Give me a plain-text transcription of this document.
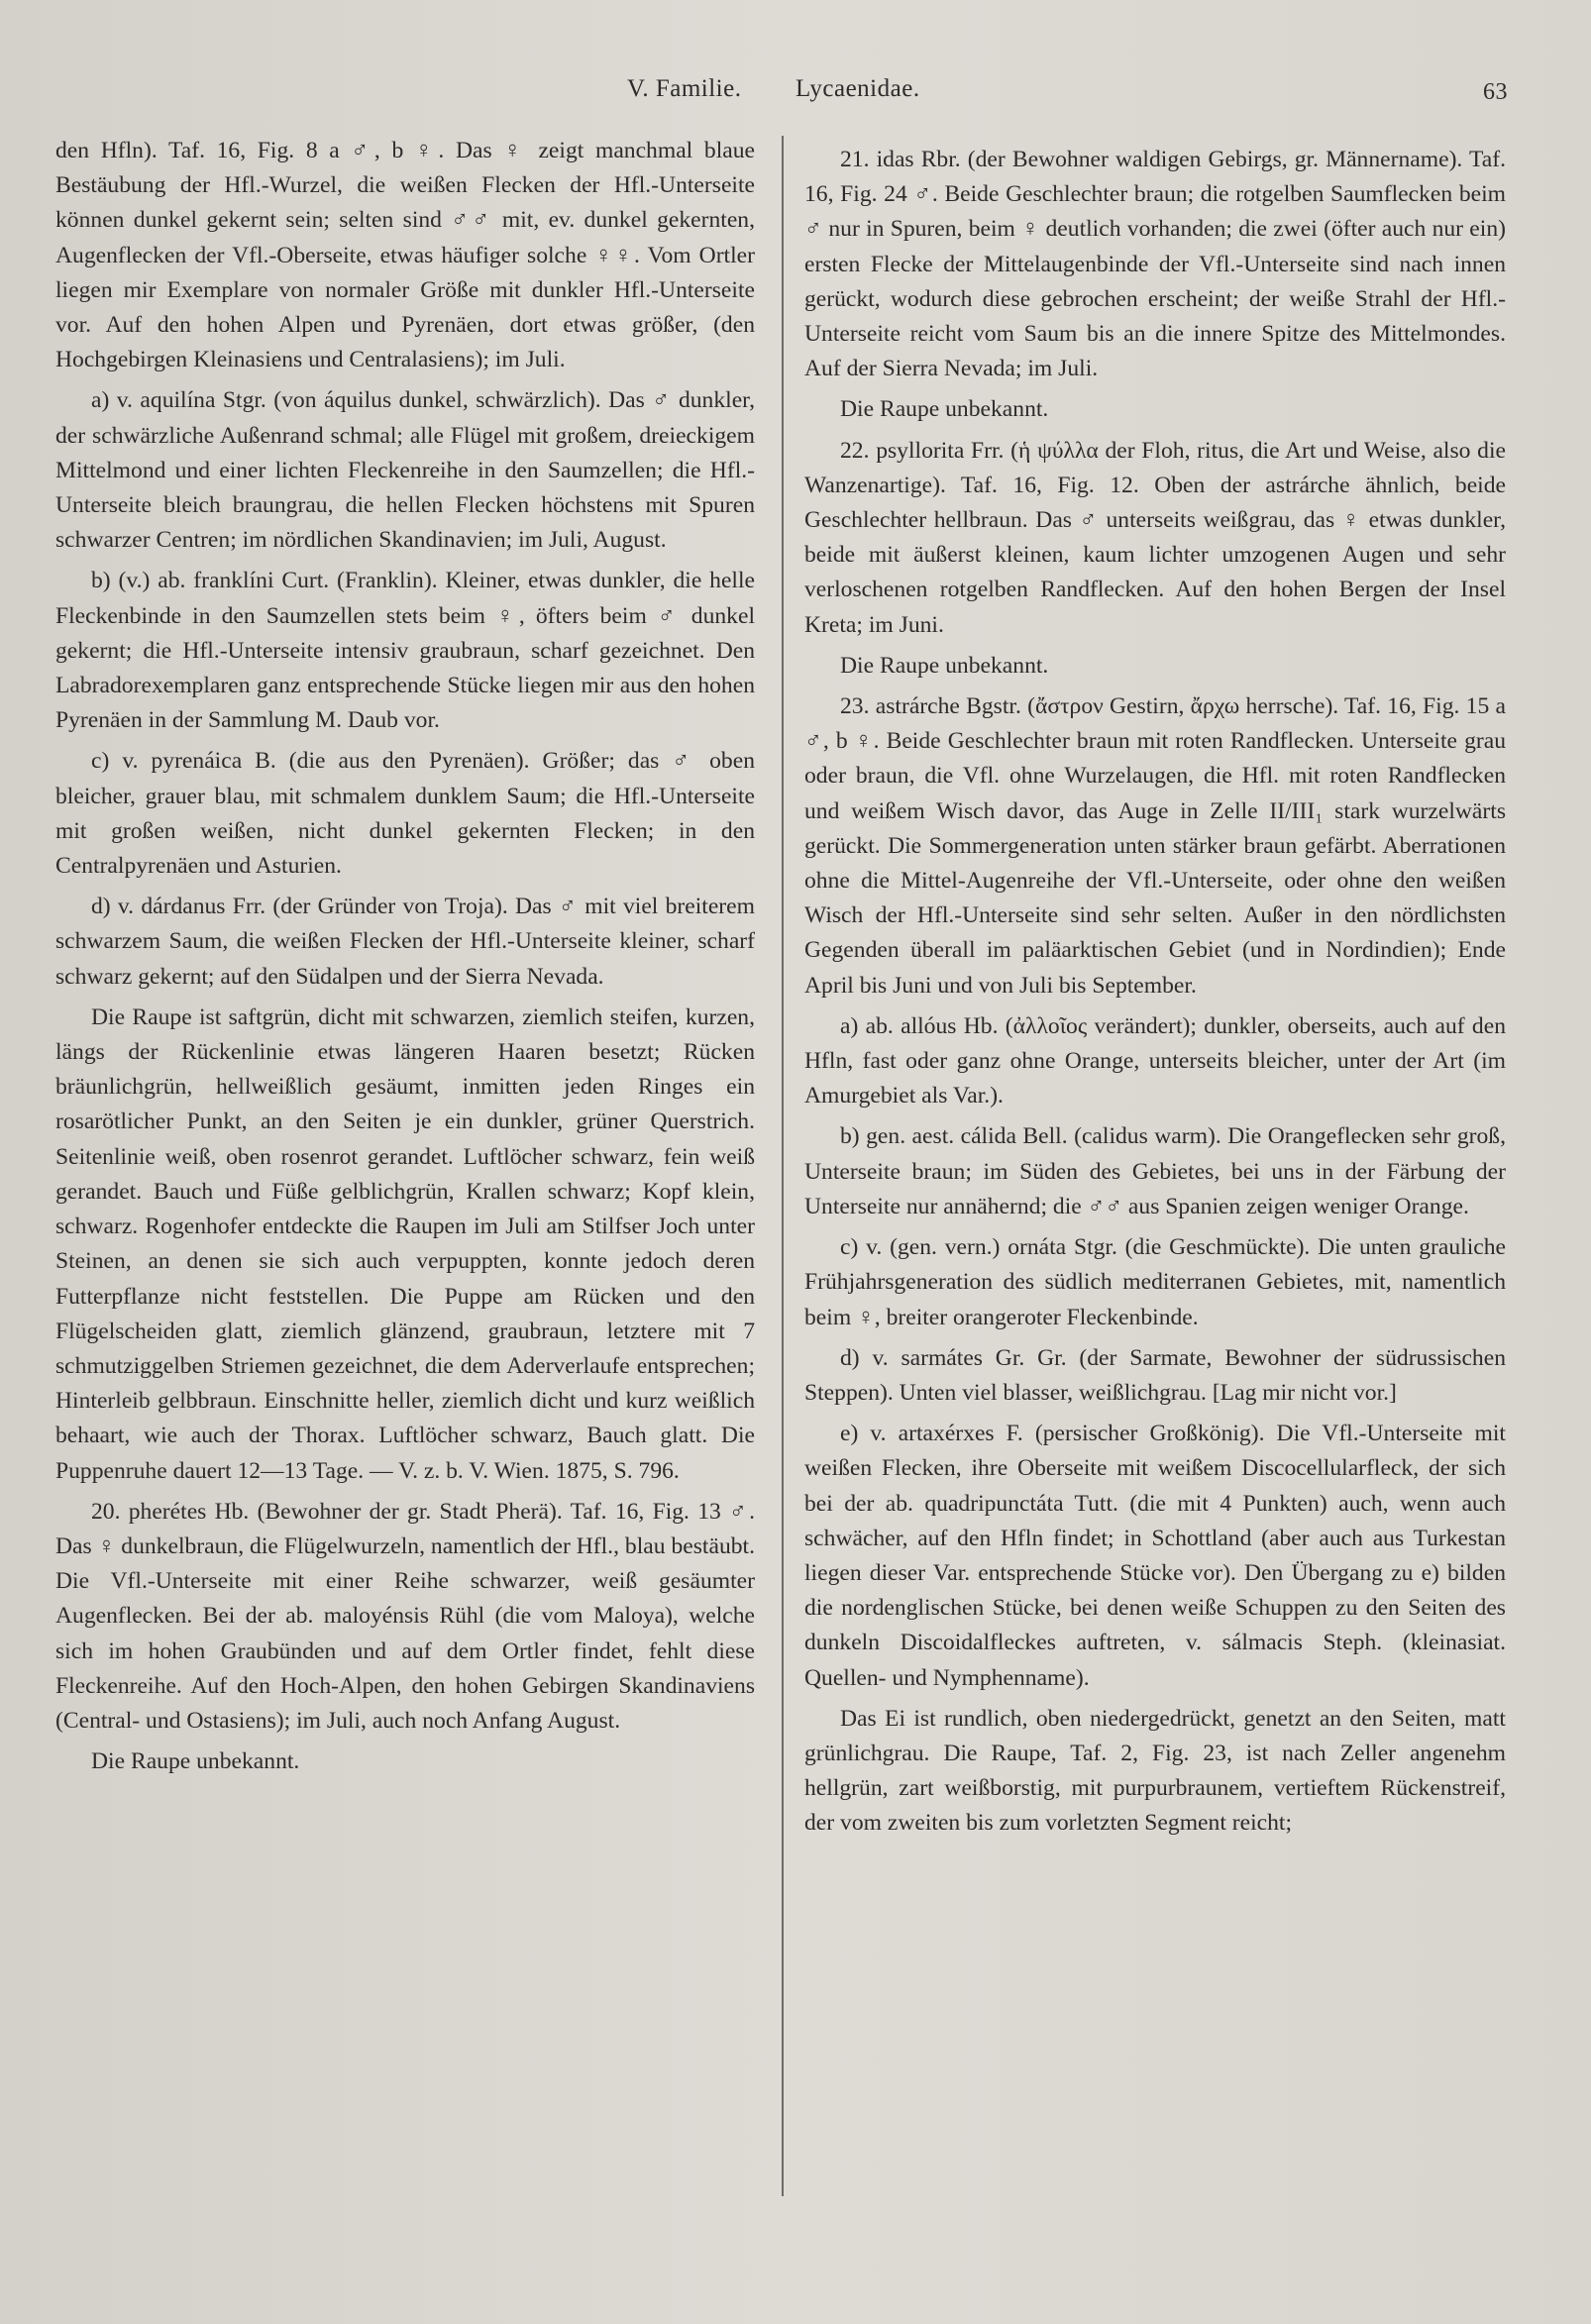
V. Familie. Lycaenidae.	63

den Hfln). Taf. 16, Fig. 8 a ♂, b ♀. Das ♀ zeigt manchmal blaue Bestäubung der Hfl.-Wurzel, die weißen Flecken der Hfl.-Unterseite können dunkel gekernt sein; selten sind ♂♂ mit, ev. dunkel gekernten, Augenflecken der Vfl.-Oberseite, etwas häufiger solche ♀♀. Vom Ortler liegen mir Exemplare von normaler Größe mit dunkler Hfl.-Unterseite vor. Auf den hohen Alpen und Pyrenäen, dort etwas größer, (den Hochgebirgen Kleinasiens und Centralasiens); im Juli.

a) v. aquilína Stgr. (von áquilus dunkel, schwärzlich). Das ♂ dunkler, der schwärzliche Außenrand schmal; alle Flügel mit großem, dreieckigem Mittelmond und einer lichten Fleckenreihe in den Saumzellen; die Hfl.-Unterseite bleich braungrau, die hellen Flecken höchstens mit Spuren schwarzer Centren; im nördlichen Skandinavien; im Juli, August.

b) (v.) ab. franklíni Curt. (Franklin). Kleiner, etwas dunkler, die helle Fleckenbinde in den Saumzellen stets beim ♀, öfters beim ♂ dunkel gekernt; die Hfl.-Unterseite intensiv graubraun, scharf gezeichnet. Den Labradorexemplaren ganz entsprechende Stücke liegen mir aus den hohen Pyrenäen in der Sammlung M. Daub vor.

c) v. pyrenáica B. (die aus den Pyrenäen). Größer; das ♂ oben bleicher, grauer blau, mit schmalem dunklem Saum; die Hfl.-Unterseite mit großen weißen, nicht dunkel gekernten Flecken; in den Centralpyrenäen und Asturien.

d) v. dárdanus Frr. (der Gründer von Troja). Das ♂ mit viel breiterem schwarzem Saum, die weißen Flecken der Hfl.-Unterseite kleiner, scharf schwarz gekernt; auf den Südalpen und der Sierra Nevada.

Die Raupe ist saftgrün, dicht mit schwarzen, ziemlich steifen, kurzen, längs der Rückenlinie etwas längeren Haaren besetzt; Rücken bräunlichgrün, hellweißlich gesäumt, inmitten jeden Ringes ein rosarötlicher Punkt, an den Seiten je ein dunkler, grüner Querstrich. Seitenlinie weiß, oben rosenrot gerandet. Luftlöcher schwarz, fein weiß gerandet. Bauch und Füße gelblichgrün, Krallen schwarz; Kopf klein, schwarz. Rogenhofer entdeckte die Raupen im Juli am Stilfser Joch unter Steinen, an denen sie sich auch verpuppten, konnte jedoch deren Futterpflanze nicht feststellen. Die Puppe am Rücken und den Flügelscheiden glatt, ziemlich glänzend, graubraun, letztere mit 7 schmutziggelben Striemen gezeichnet, die dem Aderverlaufe entsprechen; Hinterleib gelbbraun. Einschnitte heller, ziemlich dicht und kurz weißlich behaart, wie auch der Thorax. Luftlöcher schwarz, Bauch glatt. Die Puppenruhe dauert 12—13 Tage. — V. z. b. V. Wien. 1875, S. 796.

20. pherétes Hb. (Bewohner der gr. Stadt Pherä). Taf. 16, Fig. 13 ♂. Das ♀ dunkelbraun, die Flügelwurzeln, namentlich der Hfl., blau bestäubt. Die Vfl.-Unterseite mit einer Reihe schwarzer, weiß gesäumter Augenflecken. Bei der ab. maloyénsis Rühl (die vom Maloya), welche sich im hohen Graubünden und auf dem Ortler findet, fehlt diese Fleckenreihe. Auf den Hoch-Alpen, den hohen Gebirgen Skandinaviens (Central- und Ostasiens); im Juli, auch noch Anfang August.

Die Raupe unbekannt.

21. idas Rbr. (der Bewohner waldigen Gebirgs, gr. Männername). Taf. 16, Fig. 24 ♂. Beide Geschlechter braun; die rotgelben Saumflecken beim ♂ nur in Spuren, beim ♀ deutlich vorhanden; die zwei (öfter auch nur ein) ersten Flecke der Mittelaugenbinde der Vfl.-Unterseite sind nach innen gerückt, wodurch diese gebrochen erscheint; der weiße Strahl der Hfl.-Unterseite reicht vom Saum bis an die innere Spitze des Mittelmondes. Auf der Sierra Nevada; im Juli.

Die Raupe unbekannt.

22. psyllorita Frr. (ἡ ψύλλα der Floh, ritus, die Art und Weise, also die Wanzenartige). Taf. 16, Fig. 12. Oben der astrárche ähnlich, beide Geschlechter hellbraun. Das ♂ unterseits weißgrau, das ♀ etwas dunkler, beide mit äußerst kleinen, kaum lichter umzogenen Augen und sehr verloschenen rotgelben Randflecken. Auf den hohen Bergen der Insel Kreta; im Juni.

Die Raupe unbekannt.

23. astrárche Bgstr. (ἄστρον Gestirn, ἄρχω herrsche). Taf. 16, Fig. 15 a ♂, b ♀. Beide Geschlechter braun mit roten Randflecken. Unterseite grau oder braun, die Vfl. ohne Wurzelaugen, die Hfl. mit roten Randflecken und weißem Wisch davor, das Auge in Zelle II/III₁ stark wurzelwärts gerückt. Die Sommergeneration unten stärker braun gefärbt. Aberrationen ohne die Mittel-Augenreihe der Vfl.-Unterseite, oder ohne den weißen Wisch der Hfl.-Unterseite sind sehr selten. Außer in den nördlichsten Gegenden überall im paläarktischen Gebiet (und in Nordindien); Ende April bis Juni und von Juli bis September.

a) ab. allóus Hb. (ἀλλοῖος verändert); dunkler, oberseits, auch auf den Hfln, fast oder ganz ohne Orange, unterseits bleicher, unter der Art (im Amurgebiet als Var.).

b) gen. aest. cálida Bell. (calidus warm). Die Orangeflecken sehr groß, Unterseite braun; im Süden des Gebietes, bei uns in der Färbung der Unterseite nur annähernd; die ♂♂ aus Spanien zeigen weniger Orange.

c) v. (gen. vern.) ornáta Stgr. (die Geschmückte). Die unten grauliche Frühjahrsgeneration des südlich mediterranen Gebietes, mit, namentlich beim ♀, breiter orangeroter Fleckenbinde.

d) v. sarmátes Gr. Gr. (der Sarmate, Bewohner der südrussischen Steppen). Unten viel blasser, weißlichgrau. [Lag mir nicht vor.]

e) v. artaxérxes F. (persischer Großkönig). Die Vfl.-Unterseite mit weißen Flecken, ihre Oberseite mit weißem Discocellularfleck, der sich bei der ab. quadripunctáta Tutt. (die mit 4 Punkten) auch, wenn auch schwächer, auf den Hfln findet; in Schottland (aber auch aus Turkestan liegen dieser Var. entsprechende Stücke vor). Den Übergang zu e) bilden die nordenglischen Stücke, bei denen weiße Schuppen zu den Seiten des dunkeln Discoidalfleckes auftreten, v. sálmacis Steph. (kleinasiat. Quellen- und Nymphenname).

Das Ei ist rundlich, oben niedergedrückt, genetzt an den Seiten, matt grünlichgrau. Die Raupe, Taf. 2, Fig. 23, ist nach Zeller angenehm hellgrün, zart weißborstig, mit purpurbraunem, vertieftem Rückenstreif, der vom zweiten bis zum vorletzten Segment reicht;
